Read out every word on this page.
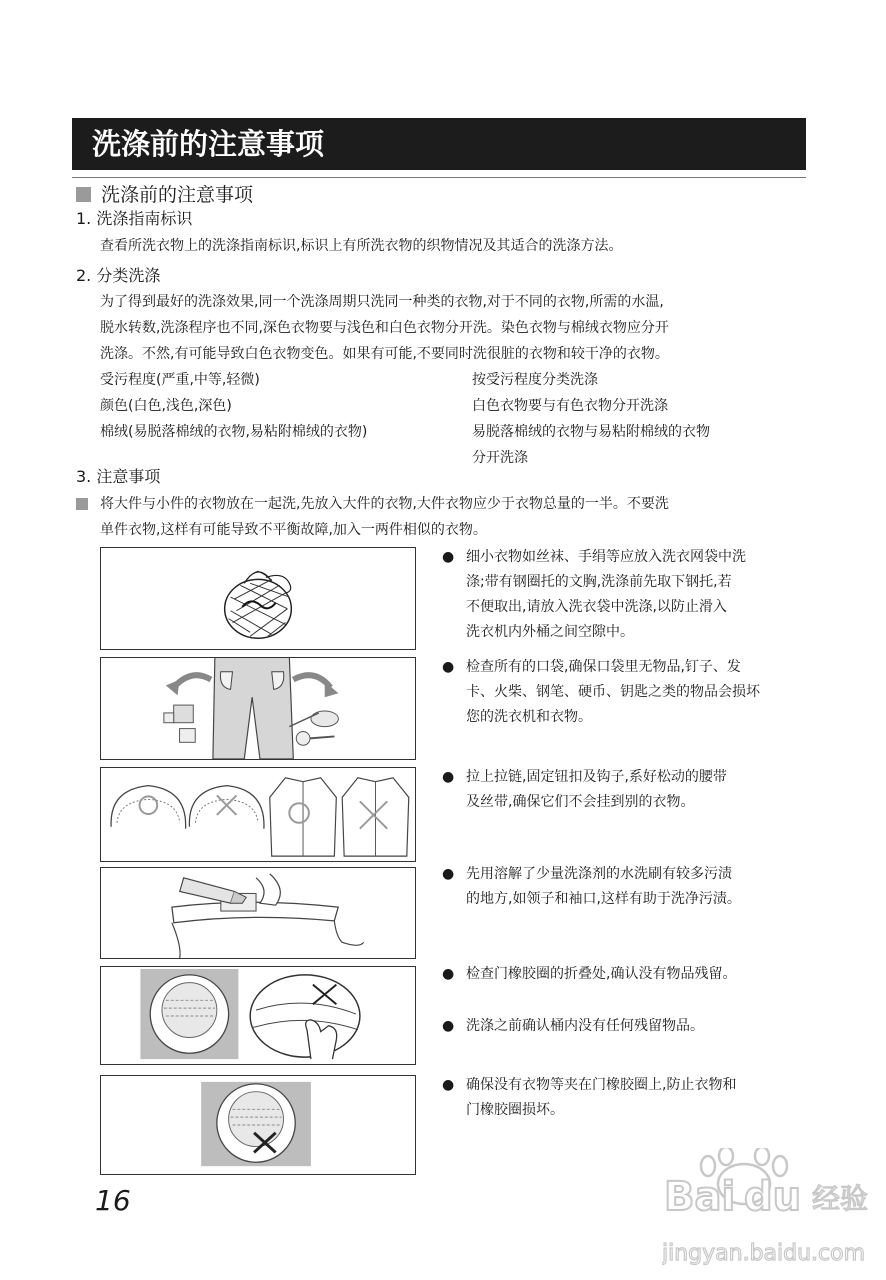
洗涤前的注意事项
洗涤前的注意事项
1. 洗涤指南标识
查看所洗衣物上的洗涤指南标识,标识上有所洗衣物的织物情况及其适合的洗涤方法。
2. 分类洗涤
为了得到最好的洗涤效果,同一个洗涤周期只洗同一种类的衣物,对于不同的衣物,所需的水温,
脱水转数,洗涤程序也不同,深色衣物要与浅色和白色衣物分开洗。染色衣物与棉绒衣物应分开
洗涤。不然,有可能导致白色衣物变色。如果有可能,不要同时洗很脏的衣物和较干净的衣物。
受污程度(严重,中等,轻微)	按受污程度分类洗涤
颜色(白色,浅色,深色)	白色衣物要与有色衣物分开洗涤
棉绒(易脱落棉绒的衣物,易粘附棉绒的衣物)	易脱落棉绒的衣物与易粘附棉绒的衣物
分开洗涤
3. 注意事项
将大件与小件的衣物放在一起洗,先放入大件的衣物,大件衣物应少于衣物总量的一半。不要洗
单件衣物,这样有可能导致不平衡故障,加入一两件相似的衣物。
● 细小衣物如丝袜、手绢等应放入洗衣网袋中洗
涤;带有钢圈托的文胸,洗涤前先取下钢托,若
不便取出,请放入洗衣袋中洗涤,以防止滑入
洗衣机内外桶之间空隙中。
● 检查所有的口袋,确保口袋里无物品,钉子、发
卡、火柴、钢笔、硬币、钥匙之类的物品会损坏
您的洗衣机和衣物。
● 拉上拉链,固定钮扣及钩子,系好松动的腰带
及丝带,确保它们不会挂到别的衣物。
● 先用溶解了少量洗涤剂的水洗刷有较多污渍
的地方,如领子和袖口,这样有助于洗净污渍。
● 检查门橡胶圈的折叠处,确认没有物品残留。
● 洗涤之前确认桶内没有任何残留物品。
● 确保没有衣物等夹在门橡胶圈上,防止衣物和
门橡胶圈损坏。
16	Bai du 经验
jingyan.baidu.com
